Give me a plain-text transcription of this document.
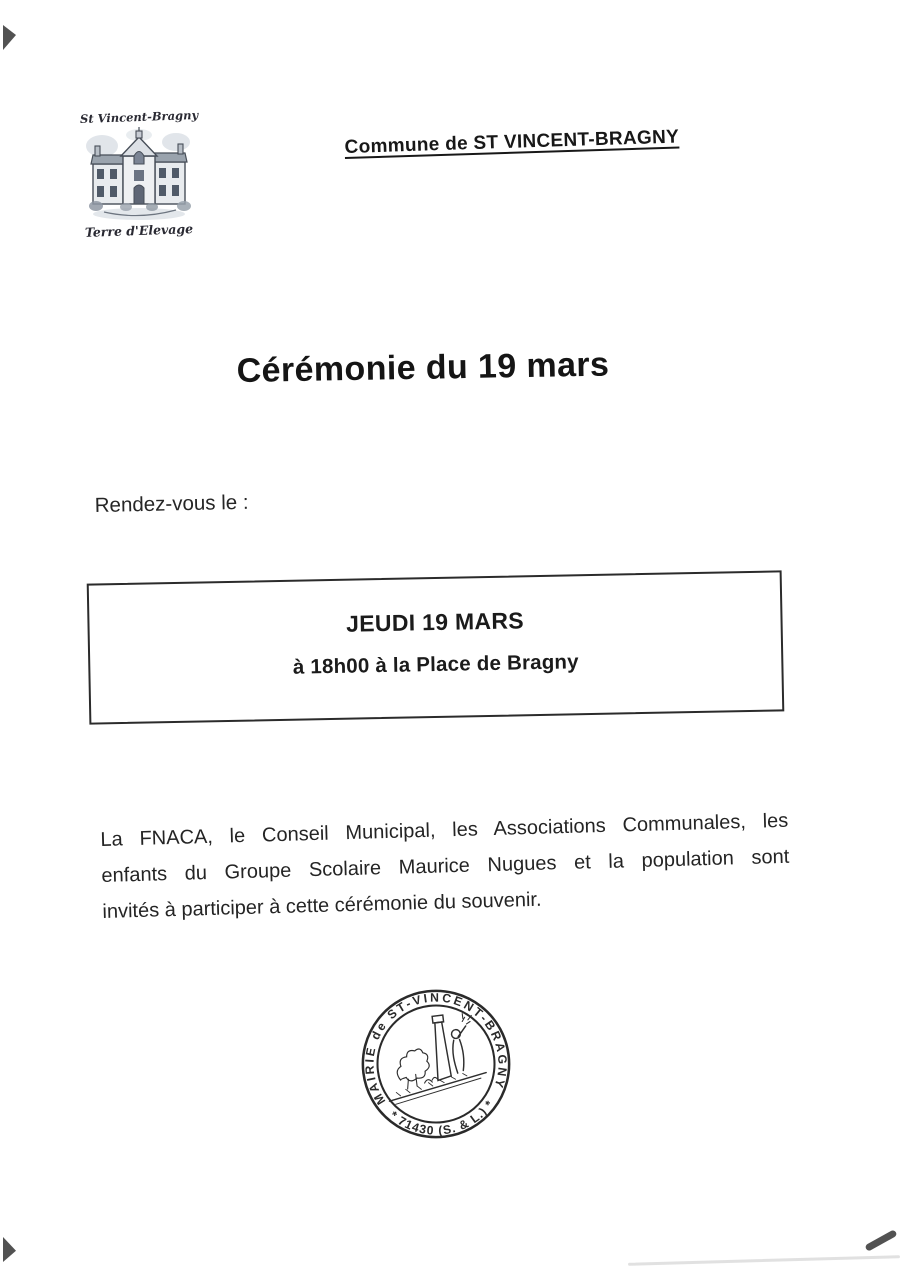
St Vincent-Bragny
Terre d'Elevage
Commune de ST VINCENT-BRAGNY
Cérémonie du 19 mars
Rendez-vous le :
JEUDI 19 MARS
à 18h00 à la Place de Bragny
La FNACA, le Conseil Municipal, les Associations Communales, les
enfants du Groupe Scolaire Maurice Nugues et la population sont
invités à participer à cette cérémonie du souvenir.
MAIRIE de ST-VINCENT-BRAGNY
* 71430 (S. & L.) *
